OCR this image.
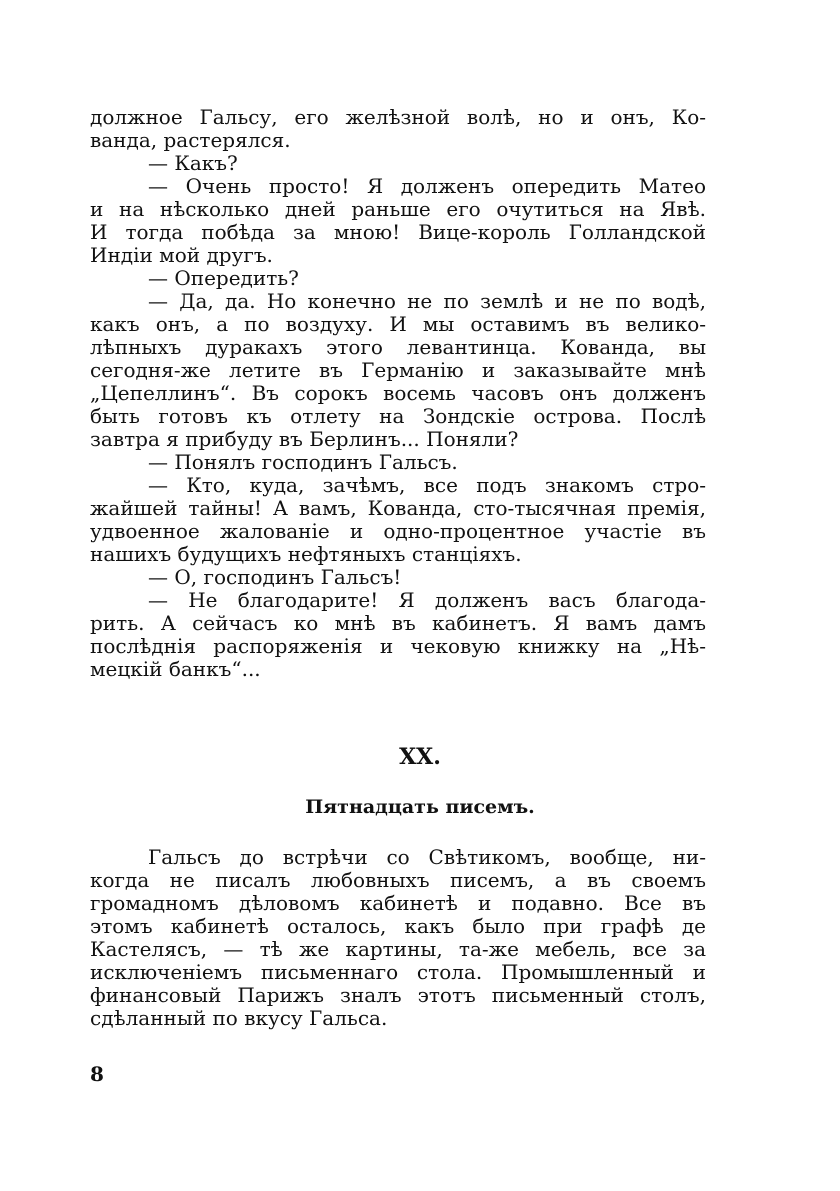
должное Гальсу, его желѣзной волѣ, но и онъ, Ко-
ванда, растерялся.
— Какъ?
— Очень просто! Я долженъ опередить Матео
и на нѣсколько дней раньше его очутиться на Явѣ.
И тогда побѣда за мною! Вице-король Голландской
Индіи мой другъ.
— Опередить?
— Да, да. Но конечно не по землѣ и не по водѣ,
какъ онъ, а по воздуху. И мы оставимъ въ велико-
лѣпныхъ дуракахъ этого левантинца. Кованда, вы
сегодня-же летите въ Германію и заказывайте мнѣ
„Цепеллинъ“. Въ сорокъ восемь часовъ онъ долженъ
быть готовъ къ отлету на Зондскіе острова. Послѣ
завтра я прибуду въ Берлинъ... Поняли?
— Понялъ господинъ Гальсъ.
— Кто, куда, зачѣмъ, все подъ знакомъ стро-
жайшей тайны! А вамъ, Кованда, сто-тысячная премія,
удвоенное жалованіе и одно-процентное участіе въ
нашихъ будущихъ нефтяныхъ станціяхъ.
— О, господинъ Гальсъ!
— Не благодарите! Я долженъ васъ благода-
рить. А сейчасъ ко мнѣ въ кабинетъ. Я вамъ дамъ
послѣднія распоряженія и чековую книжку на „Нѣ-
мецкій банкъ“...
XX.
Пятнадцать писемъ.
Гальсъ до встрѣчи со Свѣтикомъ, вообще, ни-
когда не писалъ любовныхъ писемъ, а въ своемъ
громадномъ дѣловомъ кабинетѣ и подавно. Все въ
этомъ кабинетѣ осталось, какъ было при графѣ де
Кастелясъ, — тѣ же картины, та-же мебель, все за
исключеніемъ письменнаго стола. Промышленный и
финансовый Парижъ зналъ этотъ письменный столъ,
сдѣланный по вкусу Гальса.
8
